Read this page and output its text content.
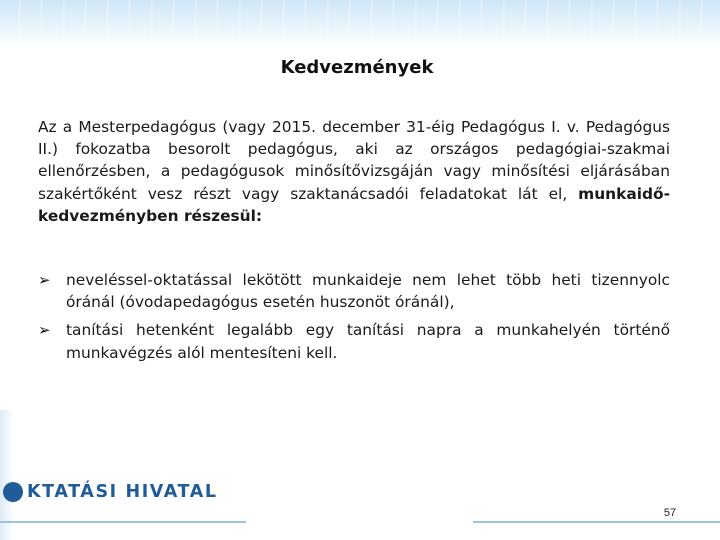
Kedvezmények

Az a Mesterpedagógus (vagy 2015. december 31-éig Pedagógus I. v. Pedagógus II.) fokozatba besorolt pedagógus, aki az országos pedagógiai-szakmai ellenőrzésben, a pedagógusok minősítővizsgáján vagy minősítési eljárásában szakértőként vesz részt vagy szaktanácsadói feladatokat lát el, munkaidő-kedvezményben részesül:

➢ neveléssel-oktatással lekötött munkaideje nem lehet több heti tizennyolc óránál (óvodapedagógus esetén huszonöt óránál),
➢ tanítási hetenként legalább egy tanítási napra a munkahelyén történő munkavégzés alól mentesíteni kell.
KTATÁSI HIVATAL
57
